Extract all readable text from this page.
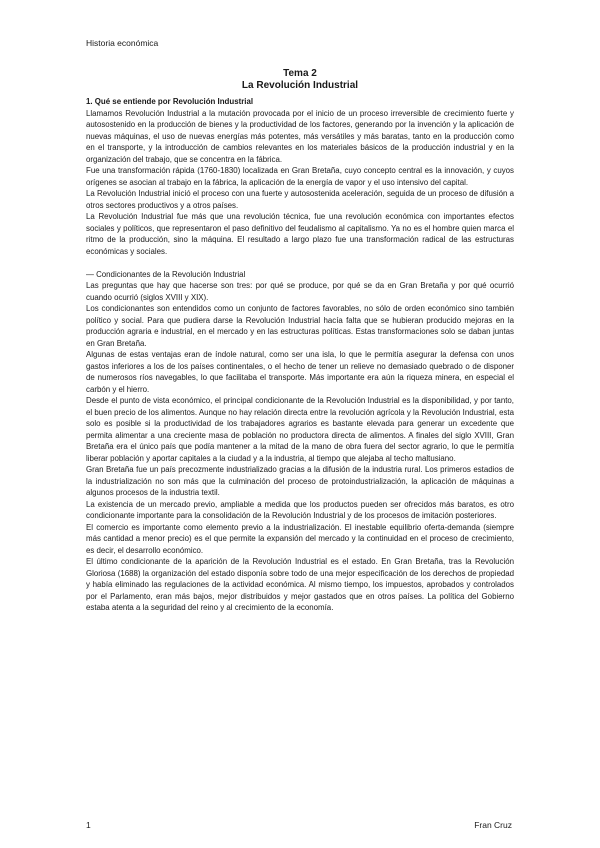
Historia económica
Tema 2
La Revolución Industrial
1. Qué se entiende por Revolución Industrial

Llamamos Revolución Industrial a la mutación provocada por el inicio de un proceso irreversible de crecimiento fuerte y autosostenido en la producción de bienes y la productividad de los factores, generando por la invención y la aplicación de nuevas máquinas, el uso de nuevas energías más potentes, más versátiles y más baratas, tanto en la producción como en el transporte, y la introducción de cambios relevantes en los materiales básicos de la producción industrial y en la organización del trabajo, que se concentra en la fábrica.

Fue una transformación rápida (1760-1830) localizada en Gran Bretaña, cuyo concepto central es la innovación, y cuyos orígenes se asocian al trabajo en la fábrica, la aplicación de la energía de vapor y el uso intensivo del capital.

La Revolución Industrial inició el proceso con una fuerte y autosostenida aceleración, seguida de un proceso de difusión a otros sectores productivos y a otros países.

La Revolución Industrial fue más que una revolución técnica, fue una revolución económica con importantes efectos sociales y políticos, que representaron el paso definitivo del feudalismo al capitalismo. Ya no es el hombre quien marca el ritmo de la producción, sino la máquina. El resultado a largo plazo fue una transformación radical de las estructuras económicas y sociales.

— Condicionantes de la Revolución Industrial

Las preguntas que hay que hacerse son tres: por qué se produce, por qué se da en Gran Bretaña y por qué ocurrió cuando ocurrió (siglos XVIII y XIX).

Los condicionantes son entendidos como un conjunto de factores favorables, no sólo de orden económico sino también político y social. Para que pudiera darse la Revolución Industrial hacía falta que se hubieran producido mejoras en la producción agraria e industrial, en el mercado y en las estructuras políticas. Estas transformaciones solo se daban juntas en Gran Bretaña.

Algunas de estas ventajas eran de índole natural, como ser una isla, lo que le permitía asegurar la defensa con unos gastos inferiores a los de los países continentales, o el hecho de tener un relieve no demasiado quebrado o de disponer de numerosos ríos navegables, lo que facilitaba el transporte. Más importante era aún la riqueza minera, en especial el carbón y el hierro.

Desde el punto de vista económico, el principal condicionante de la Revolución Industrial es la disponibilidad, y por tanto, el buen precio de los alimentos. Aunque no hay relación directa entre la revolución agrícola y la Revolución Industrial, esta solo es posible si la productividad de los trabajadores agrarios es bastante elevada para generar un excedente que permita alimentar a una creciente masa de población no productora directa de alimentos. A finales del siglo XVIII, Gran Bretaña era el único país que podía mantener a la mitad de la mano de obra fuera del sector agrario, lo que le permitía liberar población y aportar capitales a la ciudad y a la industria, al tiempo que alejaba al techo maltusiano.

Gran Bretaña fue un país precozmente industrializado gracias a la difusión de la industria rural. Los primeros estadios de la industrialización no son más que la culminación del proceso de protoindustrialización, la aplicación de máquinas a algunos procesos de la industria textil.

La existencia de un mercado previo, ampliable a medida que los productos pueden ser ofrecidos más baratos, es otro condicionante importante para la consolidación de la Revolución Industrial y de los procesos de imitación posteriores.

El comercio es importante como elemento previo a la industrialización. El inestable equilibrio oferta-demanda (siempre más cantidad a menor precio) es el que permite la expansión del mercado y la continuidad en el proceso de crecimiento, es decir, el desarrollo económico.

El último condicionante de la aparición de la Revolución Industrial es el estado. En Gran Bretaña, tras la Revolución Gloriosa (1688) la organización del estado disponía sobre todo de una mejor especificación de los derechos de propiedad y había eliminado las regulaciones de la actividad económica. Al mismo tiempo, los impuestos, aprobados y controlados por el Parlamento, eran más bajos, mejor distribuidos y mejor gastados que en otros países. La política del Gobierno estaba atenta a la seguridad del reino y al crecimiento de la economía.

1	Fran Cruz
